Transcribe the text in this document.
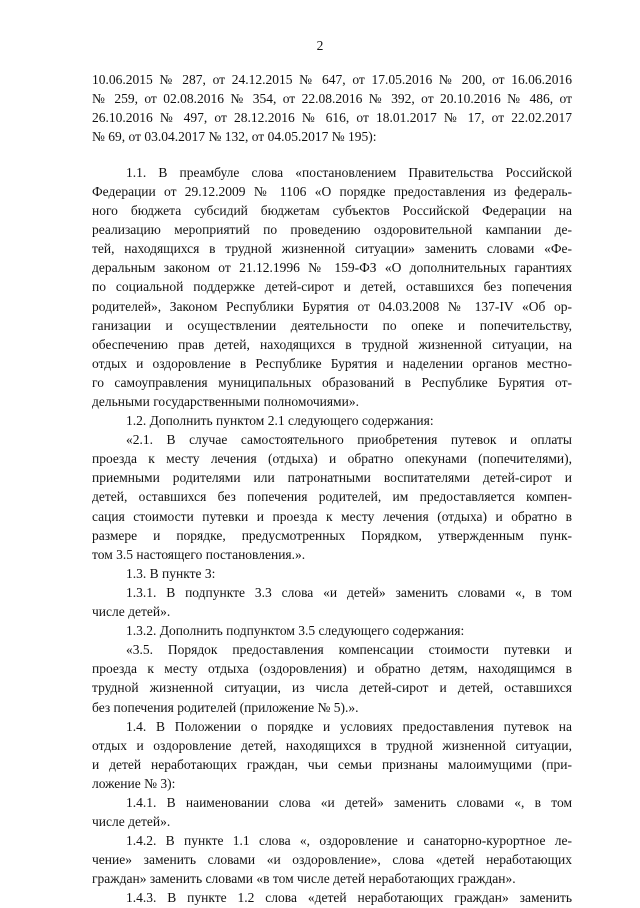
2
10.06.2015 № 287, от 24.12.2015 № 647, от 17.05.2016 № 200, от 16.06.2016
№ 259, от 02.08.2016 № 354, от 22.08.2016 № 392, от 20.10.2016 № 486, от
26.10.2016 № 497, от 28.12.2016 № 616, от 18.01.2017 № 17, от 22.02.2017
№ 69, от 03.04.2017 № 132, от 04.05.2017 № 195):
1.1. В преамбуле слова «постановлением Правительства Российской
Федерации от 29.12.2009 № 1106 «О порядке предоставления из федераль-
ного бюджета субсидий бюджетам субъектов Российской Федерации на
реализацию мероприятий по проведению оздоровительной кампании де-
тей, находящихся в трудной жизненной ситуации» заменить словами «Фе-
деральным законом от 21.12.1996 № 159-ФЗ «О дополнительных гарантиях
по социальной поддержке детей-сирот и детей, оставшихся без попечения
родителей», Законом Республики Бурятия от 04.03.2008 № 137-IV «Об ор-
ганизации и осуществлении деятельности по опеке и попечительству,
обеспечению прав детей, находящихся в трудной жизненной ситуации, на
отдых и оздоровление в Республике Бурятия и наделении органов местно-
го самоуправления муниципальных образований в Республике Бурятия от-
дельными государственными полномочиями».
1.2. Дополнить пунктом 2.1 следующего содержания:
«2.1. В случае самостоятельного приобретения путевок и оплаты
проезда к месту лечения (отдыха) и обратно опекунами (попечителями),
приемными родителями или патронатными воспитателями детей-сирот и
детей, оставшихся без попечения родителей, им предоставляется компен-
сация стоимости путевки и проезда к месту лечения (отдыха) и обратно в
размере и порядке, предусмотренных Порядком, утвержденным пунк-
том 3.5 настоящего постановления.».
1.3. В пункте 3:
1.3.1. В подпункте 3.3 слова «и детей» заменить словами «, в том
числе детей».
1.3.2. Дополнить подпунктом 3.5 следующего содержания:
«3.5. Порядок предоставления компенсации стоимости путевки и
проезда к месту отдыха (оздоровления) и обратно детям, находящимся в
трудной жизненной ситуации, из числа детей-сирот и детей, оставшихся
без попечения родителей (приложение № 5).».
1.4. В Положении о порядке и условиях предоставления путевок на
отдых и оздоровление детей, находящихся в трудной жизненной ситуации,
и детей неработающих граждан, чьи семьи признаны малоимущими (при-
ложение № 3):
1.4.1. В наименовании слова «и детей» заменить словами «, в том
числе детей».
1.4.2. В пункте 1.1 слова «, оздоровление и санаторно-курортное ле-
чение» заменить словами «и оздоровление», слова «детей неработающих
граждан» заменить словами «в том числе детей неработающих граждан».
1.4.3. В пункте 1.2 слова «детей неработающих граждан» заменить
